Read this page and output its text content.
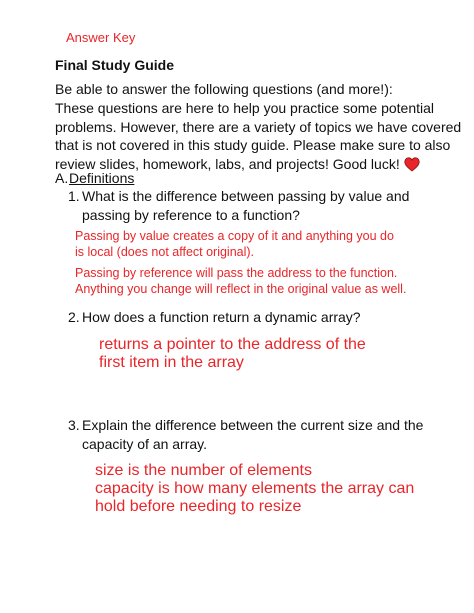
Answer Key
Final Study Guide
Be able to answer the following questions (and more!):
These questions are here to help you practice some potential
problems. However, there are a variety of topics we have covered
that is not covered in this study guide. Please make sure to also
review slides, homework, labs, and projects! Good luck!
A.Definitions
1. What is the difference between passing by value and
passing by reference to a function?
Passing by value creates a copy of it and anything you do
is local (does not affect original).
Passing by reference will pass the address to the function.
Anything you change will reflect in the original value as well.
2. How does a function return a dynamic array?
returns a pointer to the address of the
first item in the array
3. Explain the difference between the current size and the
capacity of an array.
size is the number of elements
capacity is how many elements the array can
hold before needing to resize
